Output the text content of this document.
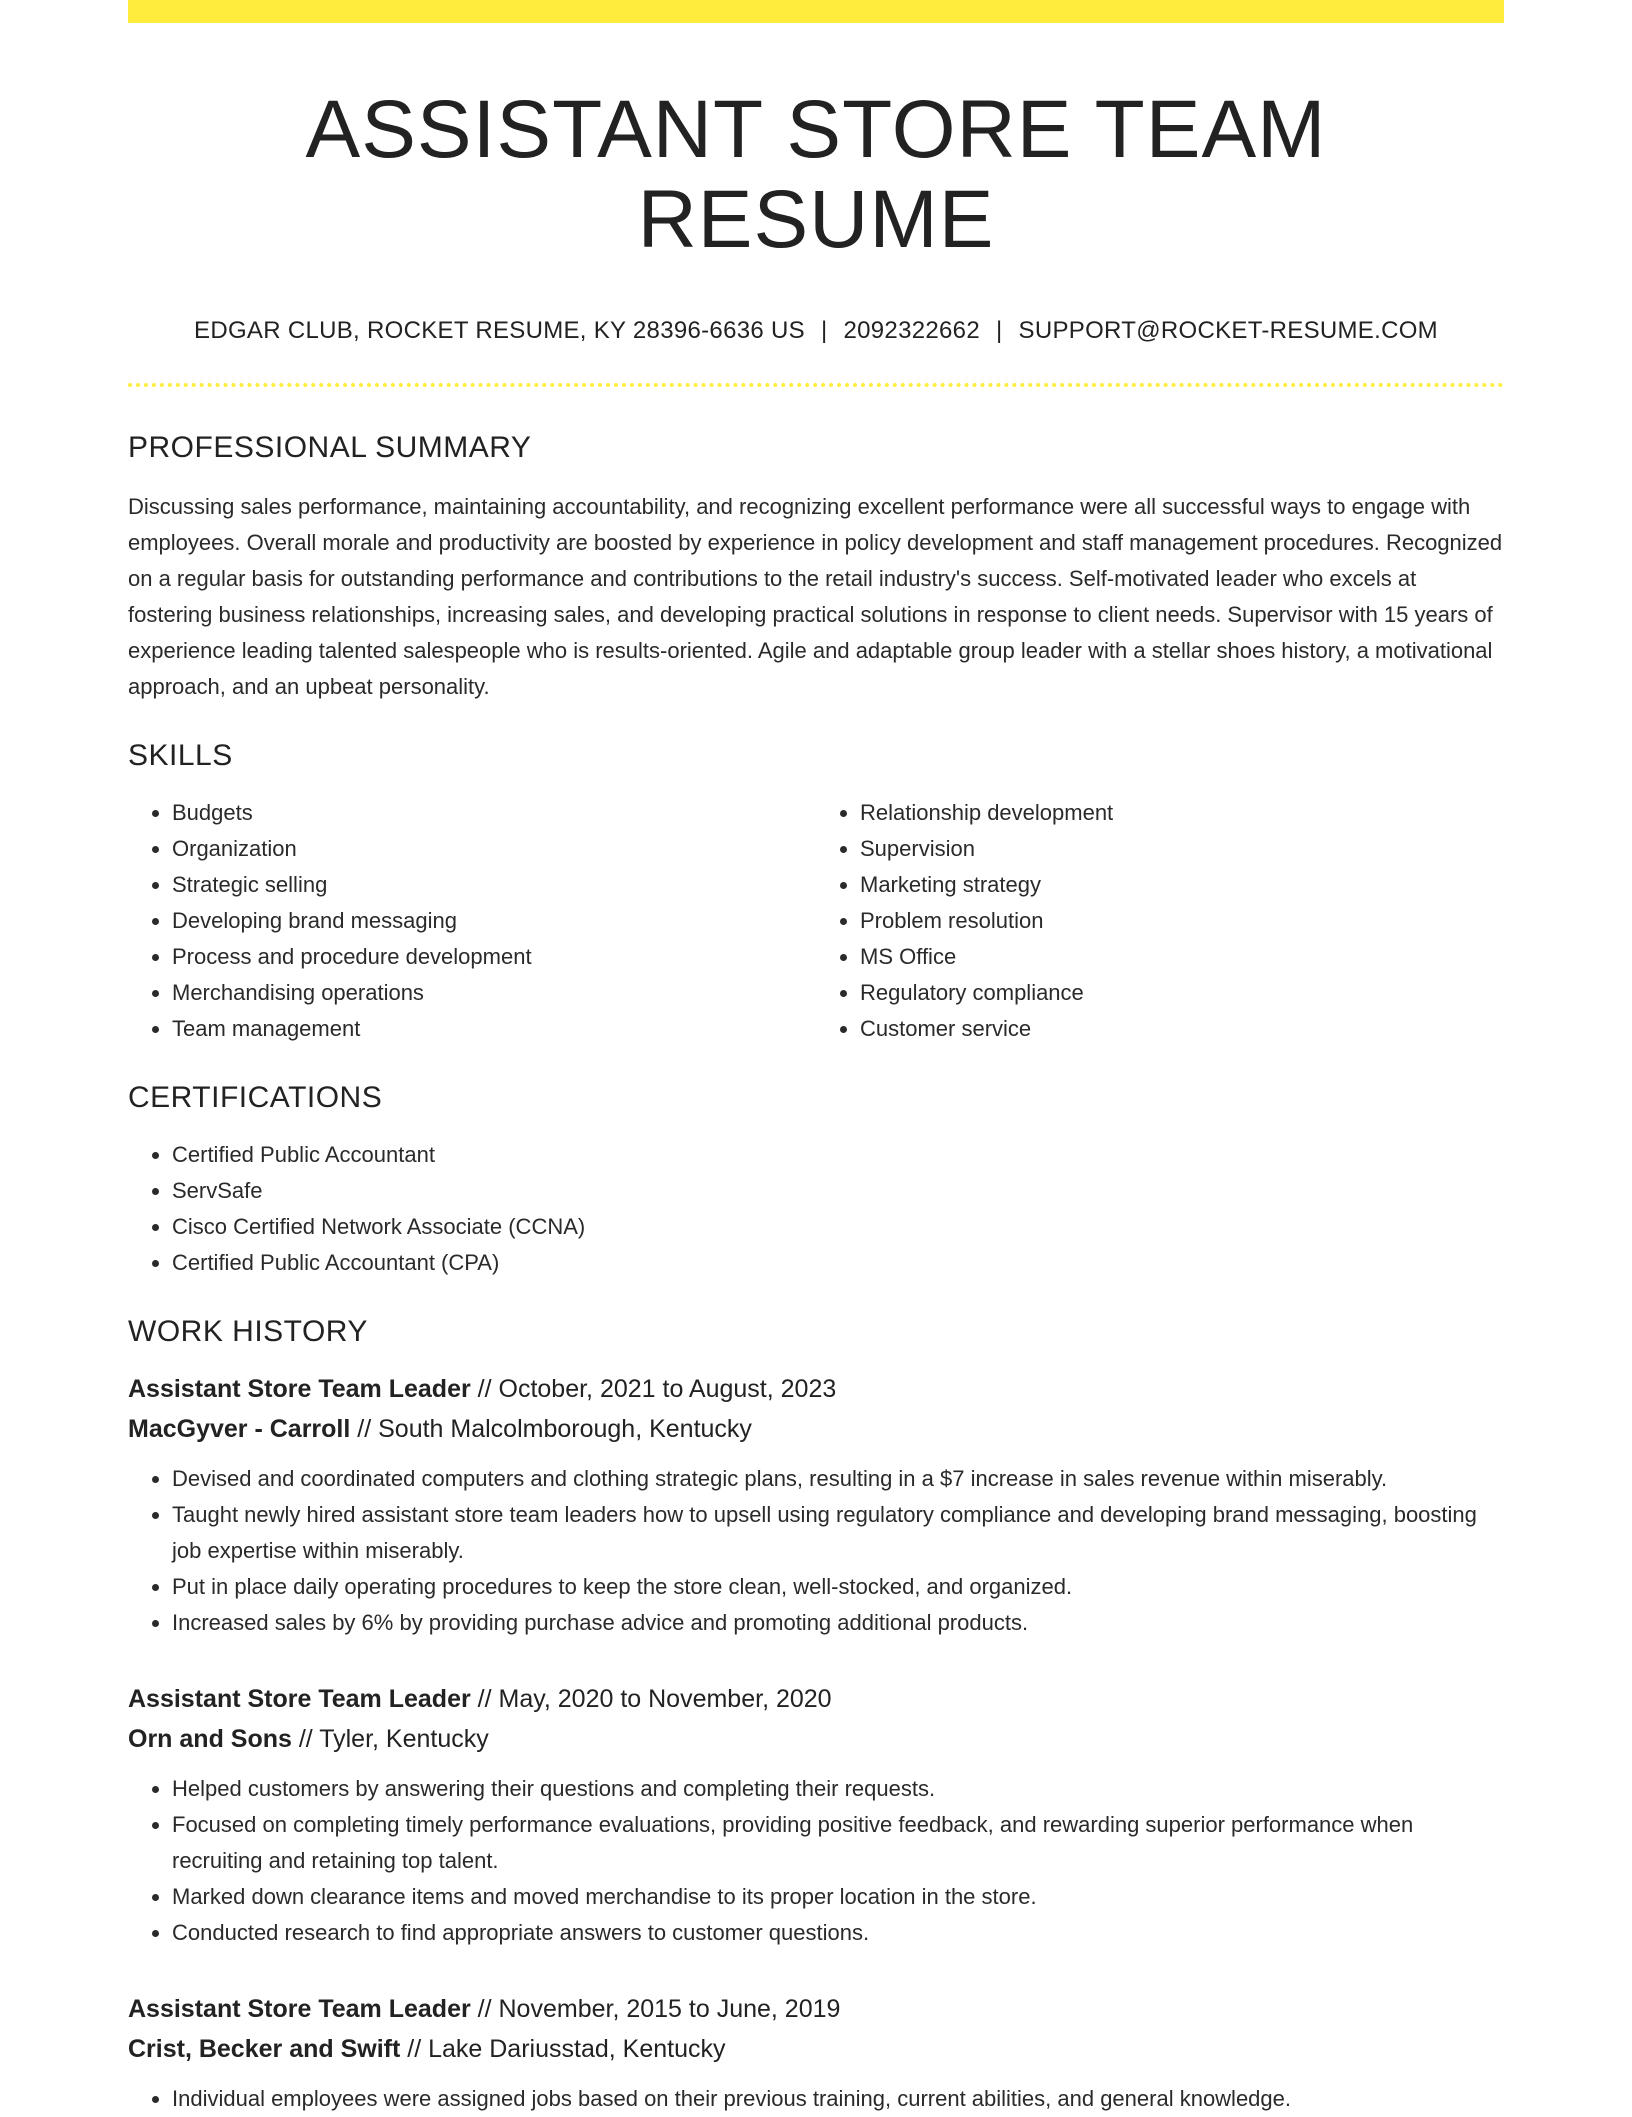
ASSISTANT STORE TEAM RESUME
EDGAR CLUB, ROCKET RESUME, KY 28396-6636 US | 2092322662 | SUPPORT@ROCKET-RESUME.COM
PROFESSIONAL SUMMARY
Discussing sales performance, maintaining accountability, and recognizing excellent performance were all successful ways to engage with employees. Overall morale and productivity are boosted by experience in policy development and staff management procedures. Recognized on a regular basis for outstanding performance and contributions to the retail industry's success. Self-motivated leader who excels at fostering business relationships, increasing sales, and developing practical solutions in response to client needs. Supervisor with 15 years of experience leading talented salespeople who is results-oriented. Agile and adaptable group leader with a stellar shoes history, a motivational approach, and an upbeat personality.
SKILLS
• Budgets
• Organization
• Strategic selling
• Developing brand messaging
• Process and procedure development
• Merchandising operations
• Team management
• Relationship development
• Supervision
• Marketing strategy
• Problem resolution
• MS Office
• Regulatory compliance
• Customer service
CERTIFICATIONS
• Certified Public Accountant
• ServSafe
• Cisco Certified Network Associate (CCNA)
• Certified Public Accountant (CPA)
WORK HISTORY
Assistant Store Team Leader // October, 2021 to August, 2023
MacGyver - Carroll // South Malcolmborough, Kentucky
• Devised and coordinated computers and clothing strategic plans, resulting in a $7 increase in sales revenue within miserably.
• Taught newly hired assistant store team leaders how to upsell using regulatory compliance and developing brand messaging, boosting job expertise within miserably.
• Put in place daily operating procedures to keep the store clean, well-stocked, and organized.
• Increased sales by 6% by providing purchase advice and promoting additional products.
Assistant Store Team Leader // May, 2020 to November, 2020
Orn and Sons // Tyler, Kentucky
• Helped customers by answering their questions and completing their requests.
• Focused on completing timely performance evaluations, providing positive feedback, and rewarding superior performance when recruiting and retaining top talent.
• Marked down clearance items and moved merchandise to its proper location in the store.
• Conducted research to find appropriate answers to customer questions.
Assistant Store Team Leader // November, 2015 to June, 2019
Crist, Becker and Swift // Lake Dariusstad, Kentucky
• Individual employees were assigned jobs based on their previous training, current abilities, and general knowledge.
